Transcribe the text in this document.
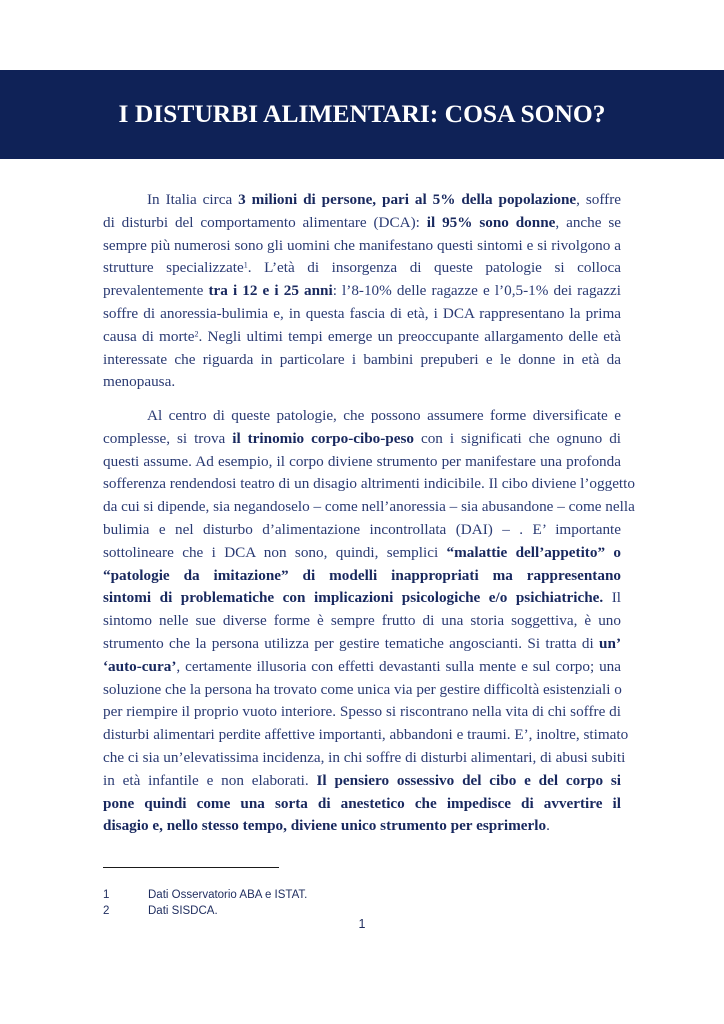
I DISTURBI ALIMENTARI: COSA SONO?
In Italia circa 3 milioni di persone, pari al 5% della popolazione, soffre
di disturbi del comportamento alimentare (DCA): il 95% sono donne, anche se
sempre più numerosi sono gli uomini che manifestano questi sintomi e si rivolgono a
strutture specializzate$^1$. L’età di insorgenza di queste patologie si colloca
prevalentemente tra i 12 e i 25 anni: l’8-10% delle ragazze e l’0,5-1% dei ragazzi
soffre di anoressia-bulimia e, in questa fascia di età, i DCA rappresentano la prima
causa di morte$^2$. Negli ultimi tempi emerge un preoccupante allargamento delle età
interessate che riguarda in particolare i bambini prepuberi e le donne in età da
menopausa.
Al centro di queste patologie, che possono assumere forme diversificate e
complesse, si trova il trinomio corpo-cibo-peso con i significati che ognuno di
questi assume. Ad esempio, il corpo diviene strumento per manifestare una profonda
sofferenza rendendosi teatro di un disagio altrimenti indicibile. Il cibo diviene l’oggetto
da cui si dipende, sia negandoselo – come nell’anoressia – sia abusandone – come nella
bulimia e nel disturbo d’alimentazione incontrollata (DAI) – . E’ importante
sottolineare che i DCA non sono, quindi, semplici “malattie dell’appetito” o
“patologie da imitazione” di modelli inappropriati ma rappresentano
sintomi di problematiche con implicazioni psicologiche e/o psichiatriche. Il
sintomo nelle sue diverse forme è sempre frutto di una storia soggettiva, è uno
strumento che la persona utilizza per gestire tematiche angoscianti. Si tratta di un’
‘auto-cura’, certamente illusoria con effetti devastanti sulla mente e sul corpo; una
soluzione che la persona ha trovato come unica via per gestire difficoltà esistenziali o
per riempire il proprio vuoto interiore. Spesso si riscontrano nella vita di chi soffre di
disturbi alimentari perdite affettive importanti, abbandoni e traumi. E’, inoltre, stimato
che ci sia un’elevatissima incidenza, in chi soffre di disturbi alimentari, di abusi subiti
in età infantile e non elaborati. Il pensiero ossessivo del cibo e del corpo si
pone quindi come una sorta di anestetico che impedisce di avvertire il
disagio e, nello stesso tempo, diviene unico strumento per esprimerlo.
1	Dati Osservatorio ABA e ISTAT.
2	Dati SISDCA.
1
